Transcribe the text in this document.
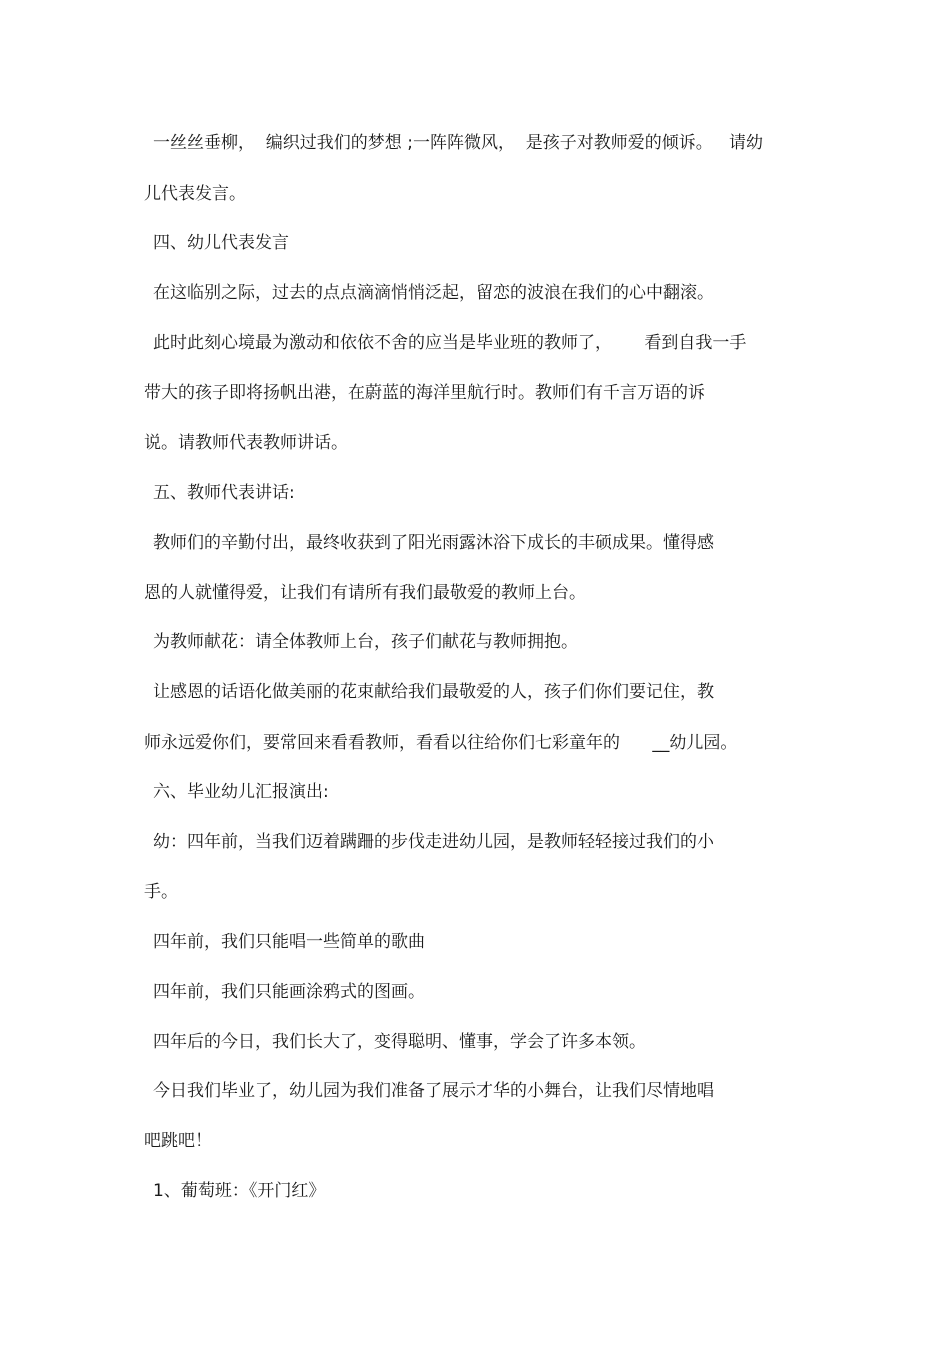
一丝丝垂柳，  编织过我们的梦想 ;一阵阵微风，  是孩子对教师爱的倾诉。   请幼

儿代表发言。

四、幼儿代表发言

在这临别之际，过去的点点滴滴悄悄泛起，留恋的波浪在我们的心中翻滚。

此时此刻心境最为激动和依依不舍的应当是毕业班的教师了，      看到自我一手

带大的孩子即将扬帆出港，在蔚蓝的海洋里航行时。教师们有千言万语的诉

说。请教师代表教师讲话。

五、教师代表讲话:

教师们的辛勤付出，最终收获到了阳光雨露沐浴下成长的丰硕成果。懂得感

恩的人就懂得爱，让我们有请所有我们最敬爱的教师上台。

为教师献花：请全体教师上台，孩子们献花与教师拥抱。

让感恩的话语化做美丽的花束献给我们最敬爱的人，孩子们你们要记住，教

师永远爱你们，要常回来看看教师，看看以往给你们七彩童年的      __幼儿园。

六、毕业幼儿汇报演出:

幼：四年前，当我们迈着蹒跚的步伐走进幼儿园，是教师轻轻接过我们的小

手。

四年前，我们只能唱一些简单的歌曲

四年前，我们只能画涂鸦式的图画。

四年后的今日，我们长大了，变得聪明、懂事，学会了许多本领。

今日我们毕业了，幼儿园为我们准备了展示才华的小舞台，让我们尽情地唱

吧跳吧！

1、葡萄班：《开门红》
